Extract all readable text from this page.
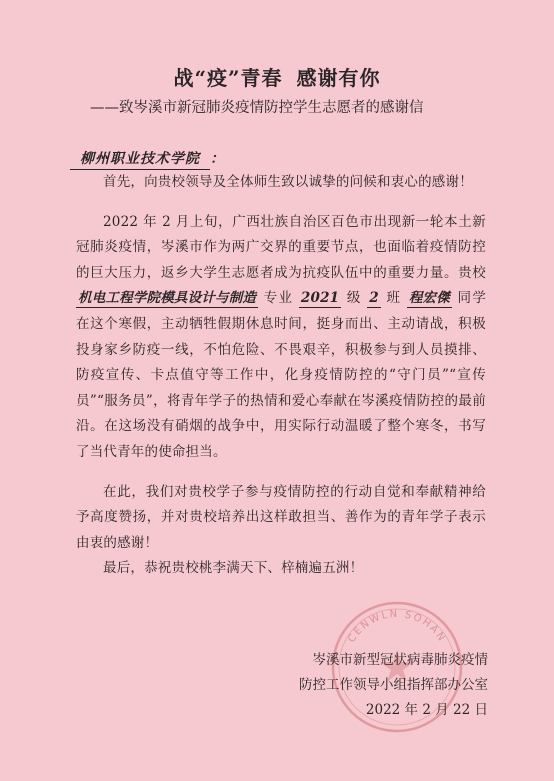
战“疫”青春 感谢有你
——致岑溪市新冠肺炎疫情防控学生志愿者的感谢信
柳州职业技术学院 ：
CENWLN SOHAN

首先，向贵校领导及全体师生致以诚挚的问候和衷心的感谢！

2022 年 2 月上旬，广西壮族自治区百色市出现新一轮本土新冠肺炎疫情，岑溪市作为两广交界的重要节点，也面临着疫情防控的巨大压力，返乡大学生志愿者成为抗疫队伍中的重要力量。贵校 机电工程学院模具设计与制造 专业 2021 级 2 班 程宏傑 同学在这个寒假，主动牺牲假期休息时间，挺身而出、主动请战，积极投身家乡防疫一线，不怕危险、不畏艰辛，积极参与到人员摸排、防疫宣传、卡点值守等工作中，化身疫情防控的“守门员”“宣传员”“服务员”，将青年学子的热情和爱心奉献在岑溪疫情防控的最前沿。在这场没有硝烟的战争中，用实际行动温暖了整个寒冬，书写了当代青年的使命担当。

在此，我们对贵校学子参与疫情防控的行动自觉和奉献精神给予高度赞扬，并对贵校培养出这样敢担当、善作为的青年学子表示由衷的感谢！

最后，恭祝贵校桃李满天下、梓楠遍五洲！

岑溪市新型冠状病毒肺炎疫情
防控工作领导小组指挥部办公室
2022 年 2 月 22 日
